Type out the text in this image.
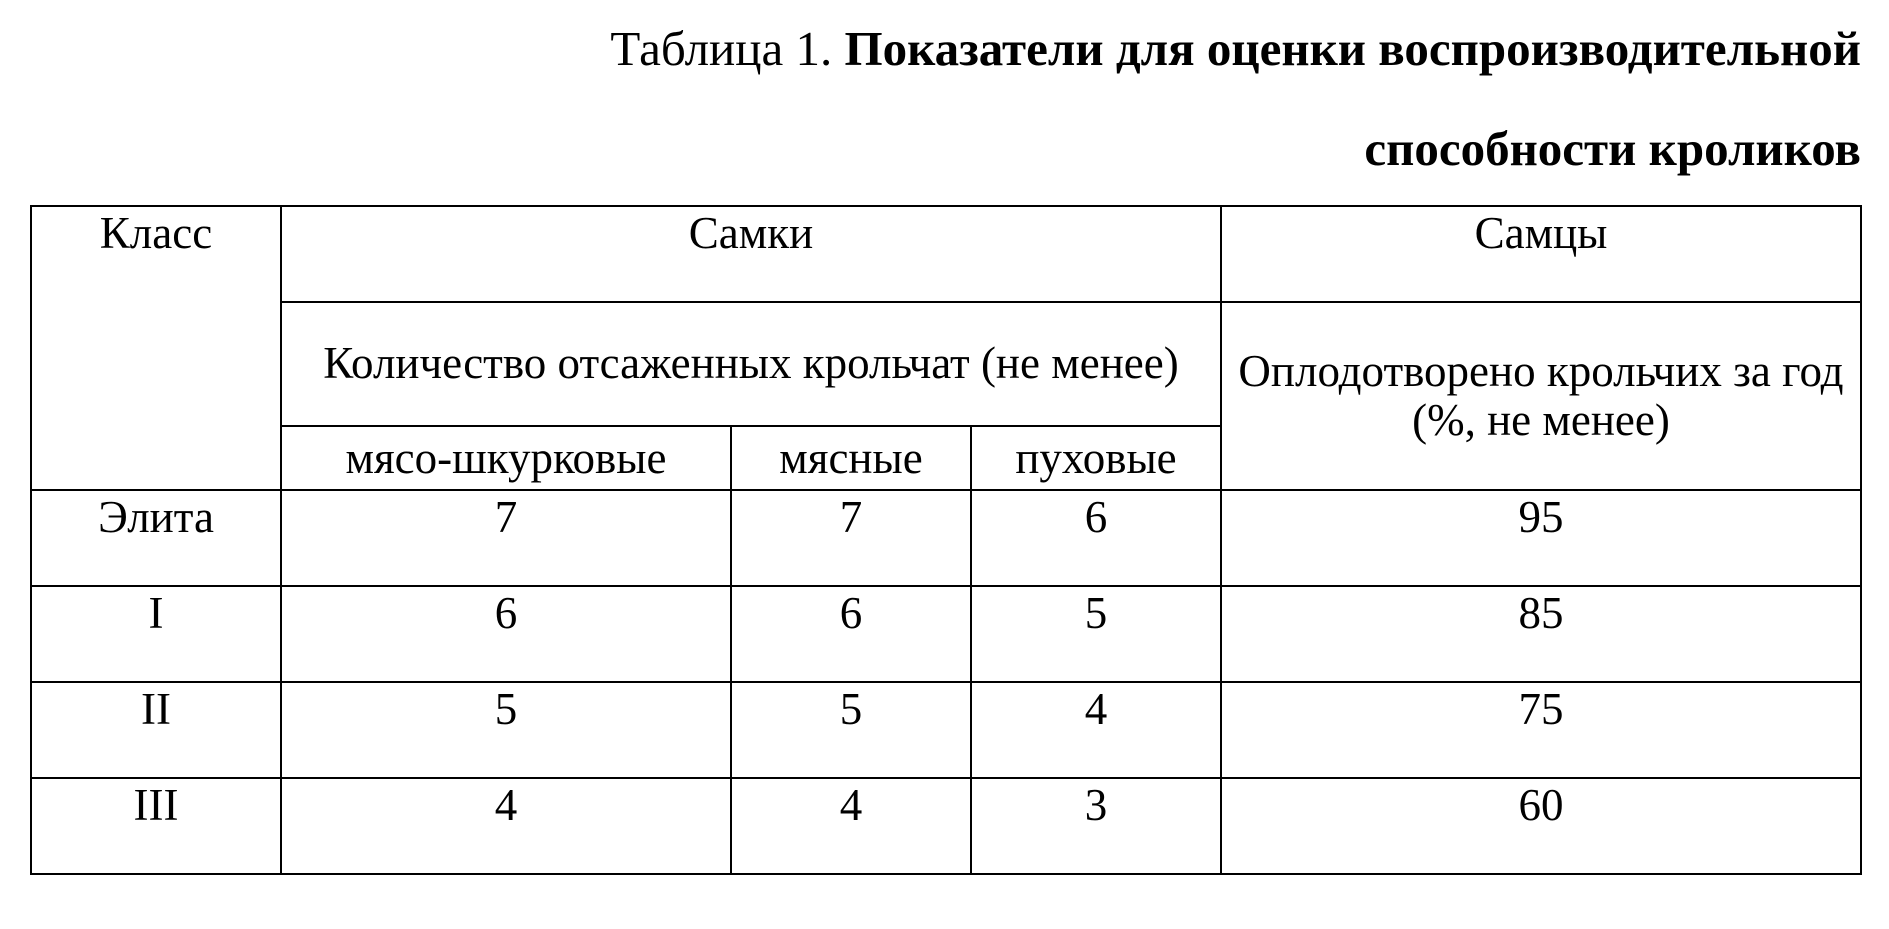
Таблица 1. Показатели для оценки воспроизводительной
способности кроликов
Класс	Самки			Самцы
	Количество отсаженных крольчат (не менее)			Оплодотворено крольчих за год (%, не менее)
	мясо-шкурковые	мясные	пуховые	
Элита	7	7	6	95
I	6	6	5	85
II	5	5	4	75
III	4	4	3	60
